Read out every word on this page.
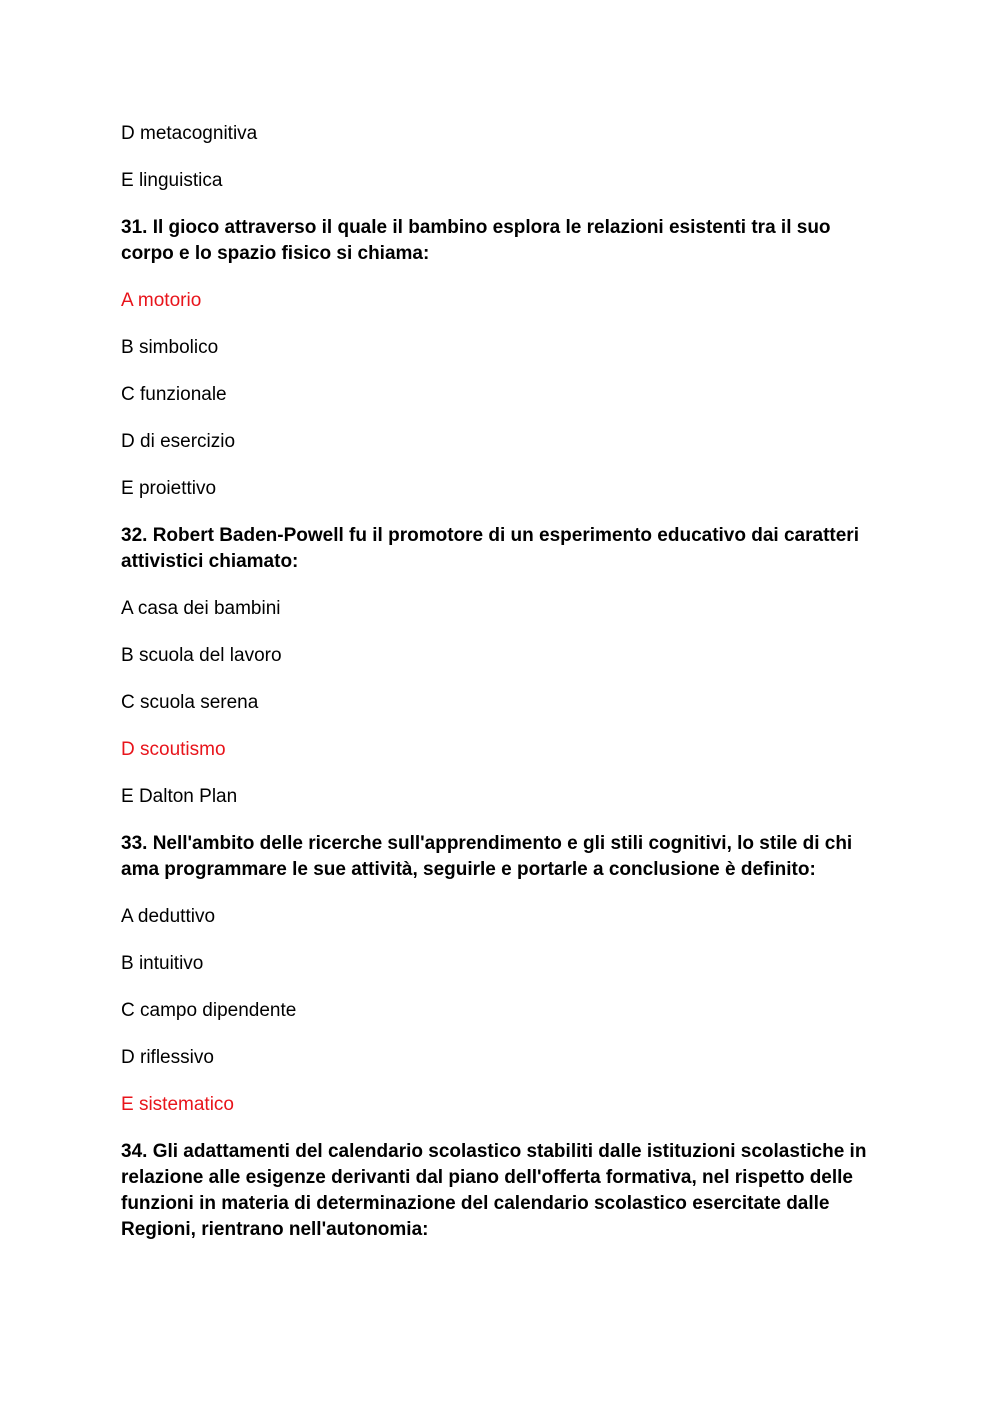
D metacognitiva

E linguistica

31. Il gioco attraverso il quale il bambino esplora le relazioni esistenti tra il suo corpo e lo spazio fisico si chiama:

A motorio

B simbolico

C funzionale

D di esercizio

E proiettivo

32. Robert Baden-Powell fu il promotore di un esperimento educativo dai caratteri attivistici chiamato:

A casa dei bambini

B scuola del lavoro

C scuola serena

D scoutismo

E Dalton Plan

33. Nell'ambito delle ricerche sull'apprendimento e gli stili cognitivi, lo stile di chi ama programmare le sue attività, seguirle e portarle a conclusione è definito:

A deduttivo

B intuitivo

C campo dipendente

D riflessivo

E sistematico

34. Gli adattamenti del calendario scolastico stabiliti dalle istituzioni scolastiche in relazione alle esigenze derivanti dal piano dell'offerta formativa, nel rispetto delle funzioni in materia di determinazione del calendario scolastico esercitate dalle Regioni, rientrano nell'autonomia:
